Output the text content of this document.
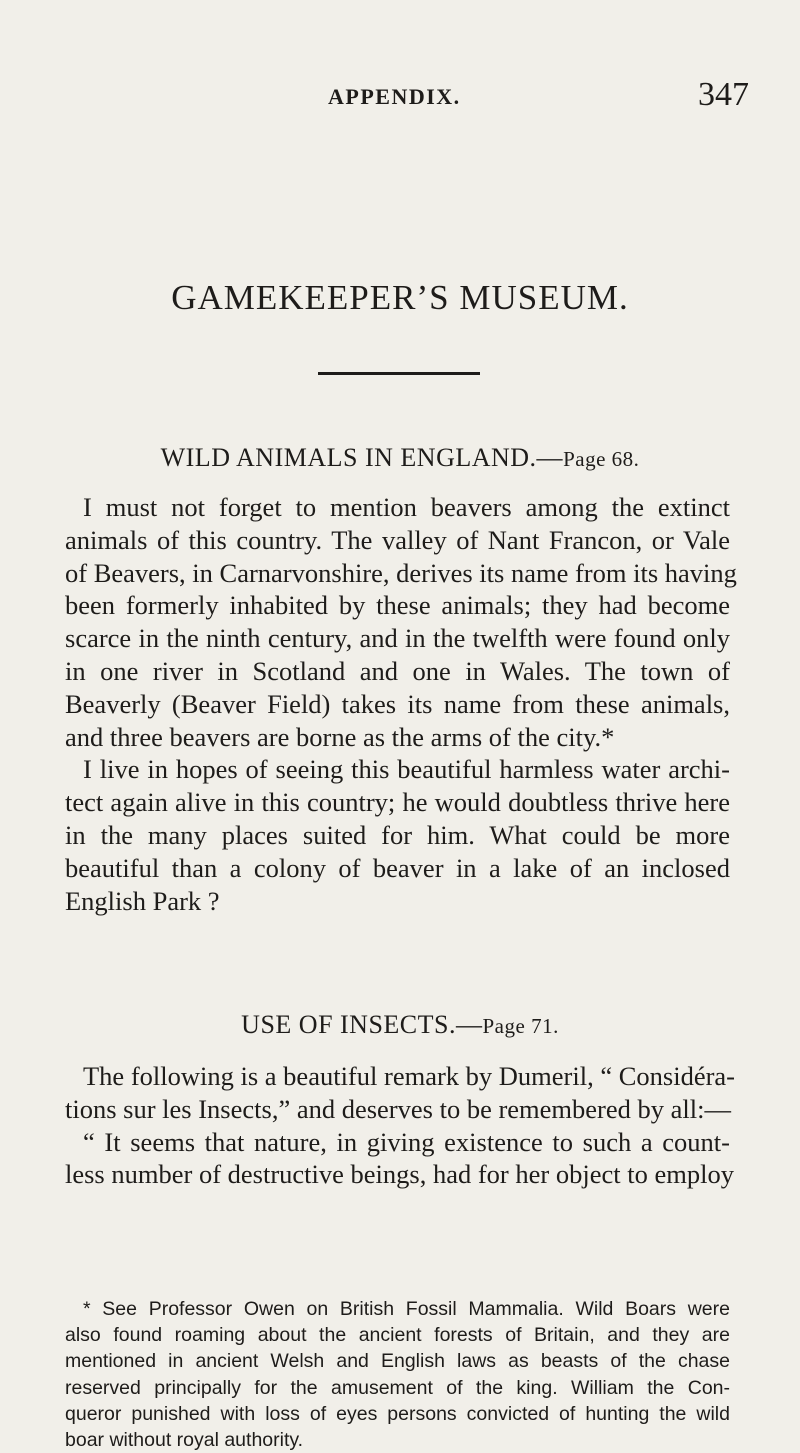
APPENDIX.	347
GAMEKEEPER’S MUSEUM.
WILD ANIMALS IN ENGLAND.—Page 68.
I must not forget to mention beavers among the extinct
animals of this country. The valley of Nant Francon, or Vale
of Beavers, in Carnarvonshire, derives its name from its having
been formerly inhabited by these animals; they had become
scarce in the ninth century, and in the twelfth were found only
in one river in Scotland and one in Wales. The town of
Beaverly (Beaver Field) takes its name from these animals,
and three beavers are borne as the arms of the city.*
I live in hopes of seeing this beautiful harmless water archi-
tect again alive in this country; he would doubtless thrive here
in the many places suited for him. What could be more
beautiful than a colony of beaver in a lake of an inclosed
English Park ?
USE OF INSECTS.—Page 71.
The following is a beautiful remark by Dumeril, “ Considéra-
tions sur les Insects,” and deserves to be remembered by all:—
“ It seems that nature, in giving existence to such a count-
less number of destructive beings, had for her object to employ
* See Professor Owen on British Fossil Mammalia. Wild Boars were
also found roaming about the ancient forests of Britain, and they are
mentioned in ancient Welsh and English laws as beasts of the chase
reserved principally for the amusement of the king. William the Con-
queror punished with loss of eyes persons convicted of hunting the wild
boar without royal authority.
